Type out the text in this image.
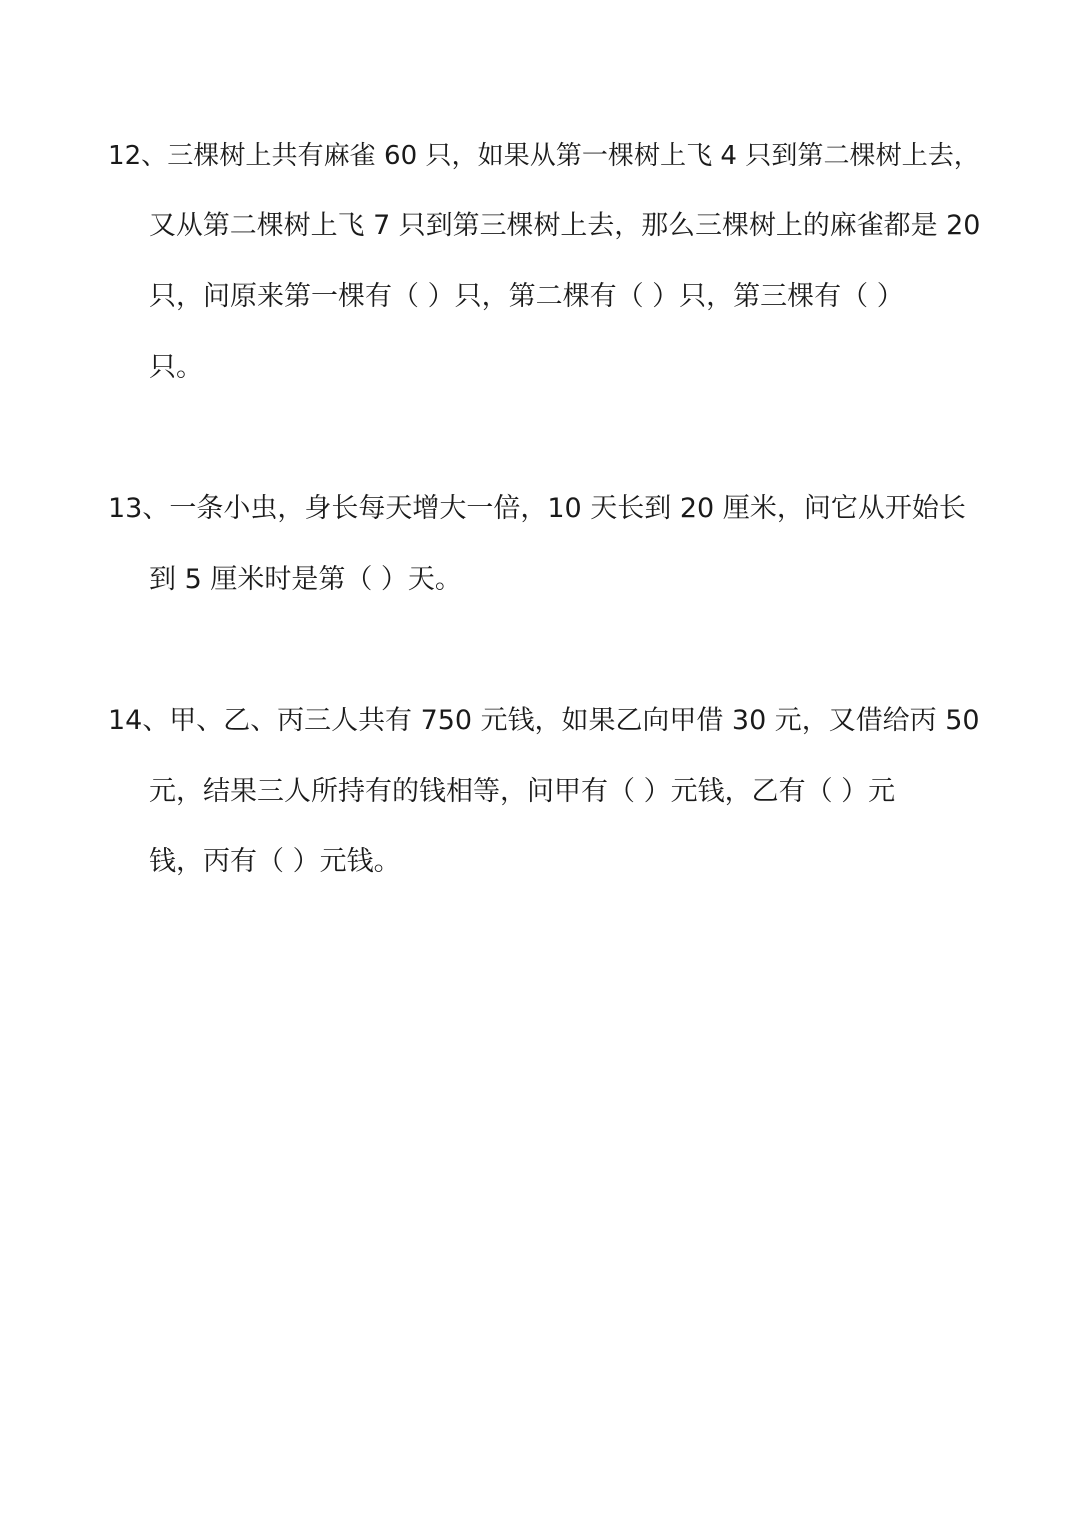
12、三棵树上共有麻雀 60 只，如果从第一棵树上飞 4 只到第二棵树上去，
又从第二棵树上飞 7 只到第三棵树上去，那么三棵树上的麻雀都是 20
只，问原来第一棵有（ ）只，第二棵有（ ）只，第三棵有（ ）
只。
13、一条小虫，身长每天增大一倍，10 天长到 20 厘米，问它从开始长
到 5 厘米时是第（ ）天。
14、甲、乙、丙三人共有 750 元钱，如果乙向甲借 30 元，又借给丙 50
元，结果三人所持有的钱相等，问甲有（ ）元钱，乙有（ ）元
钱，丙有（ ）元钱。
